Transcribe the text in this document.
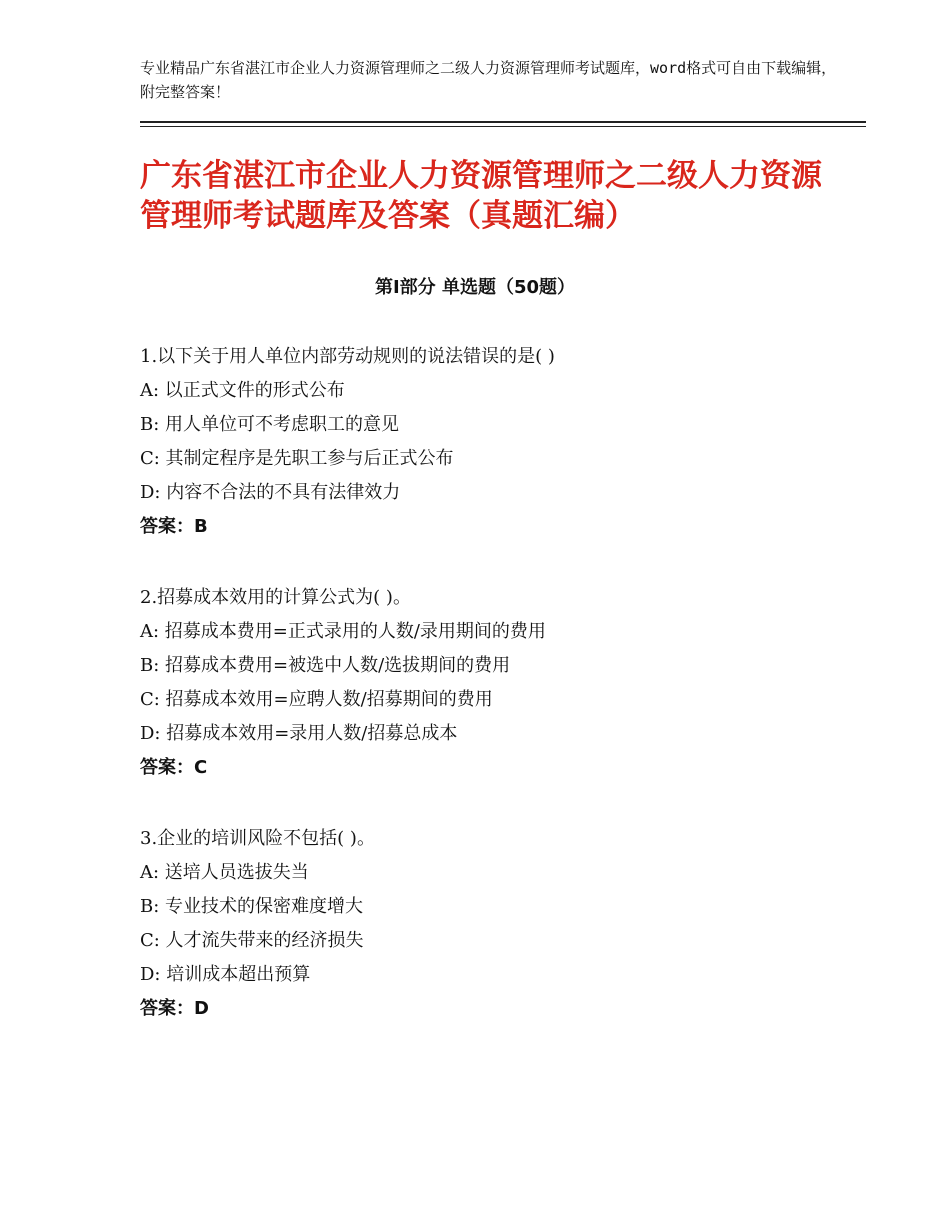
专业精品广东省湛江市企业人力资源管理师之二级人力资源管理师考试题库，word格式可自由下载编辑，附完整答案！
广东省湛江市企业人力资源管理师之二级人力资源管理师考试题库及答案（真题汇编）
第Ⅰ部分 单选题（50题）
1.以下关于用人单位内部劳动规则的说法错误的是( )
A: 以正式文件的形式公布
B: 用人单位可不考虑职工的意见
C: 其制定程序是先职工参与后正式公布
D: 内容不合法的不具有法律效力
答案：B
2.招募成本效用的计算公式为( )。
A: 招募成本费用=正式录用的人数/录用期间的费用
B: 招募成本费用=被选中人数/选拔期间的费用
C: 招募成本效用=应聘人数/招募期间的费用
D: 招募成本效用=录用人数/招募总成本
答案：C
3.企业的培训风险不包括( )。
A: 送培人员选拔失当
B: 专业技术的保密难度增大
C: 人才流失带来的经济损失
D: 培训成本超出预算
答案：D
